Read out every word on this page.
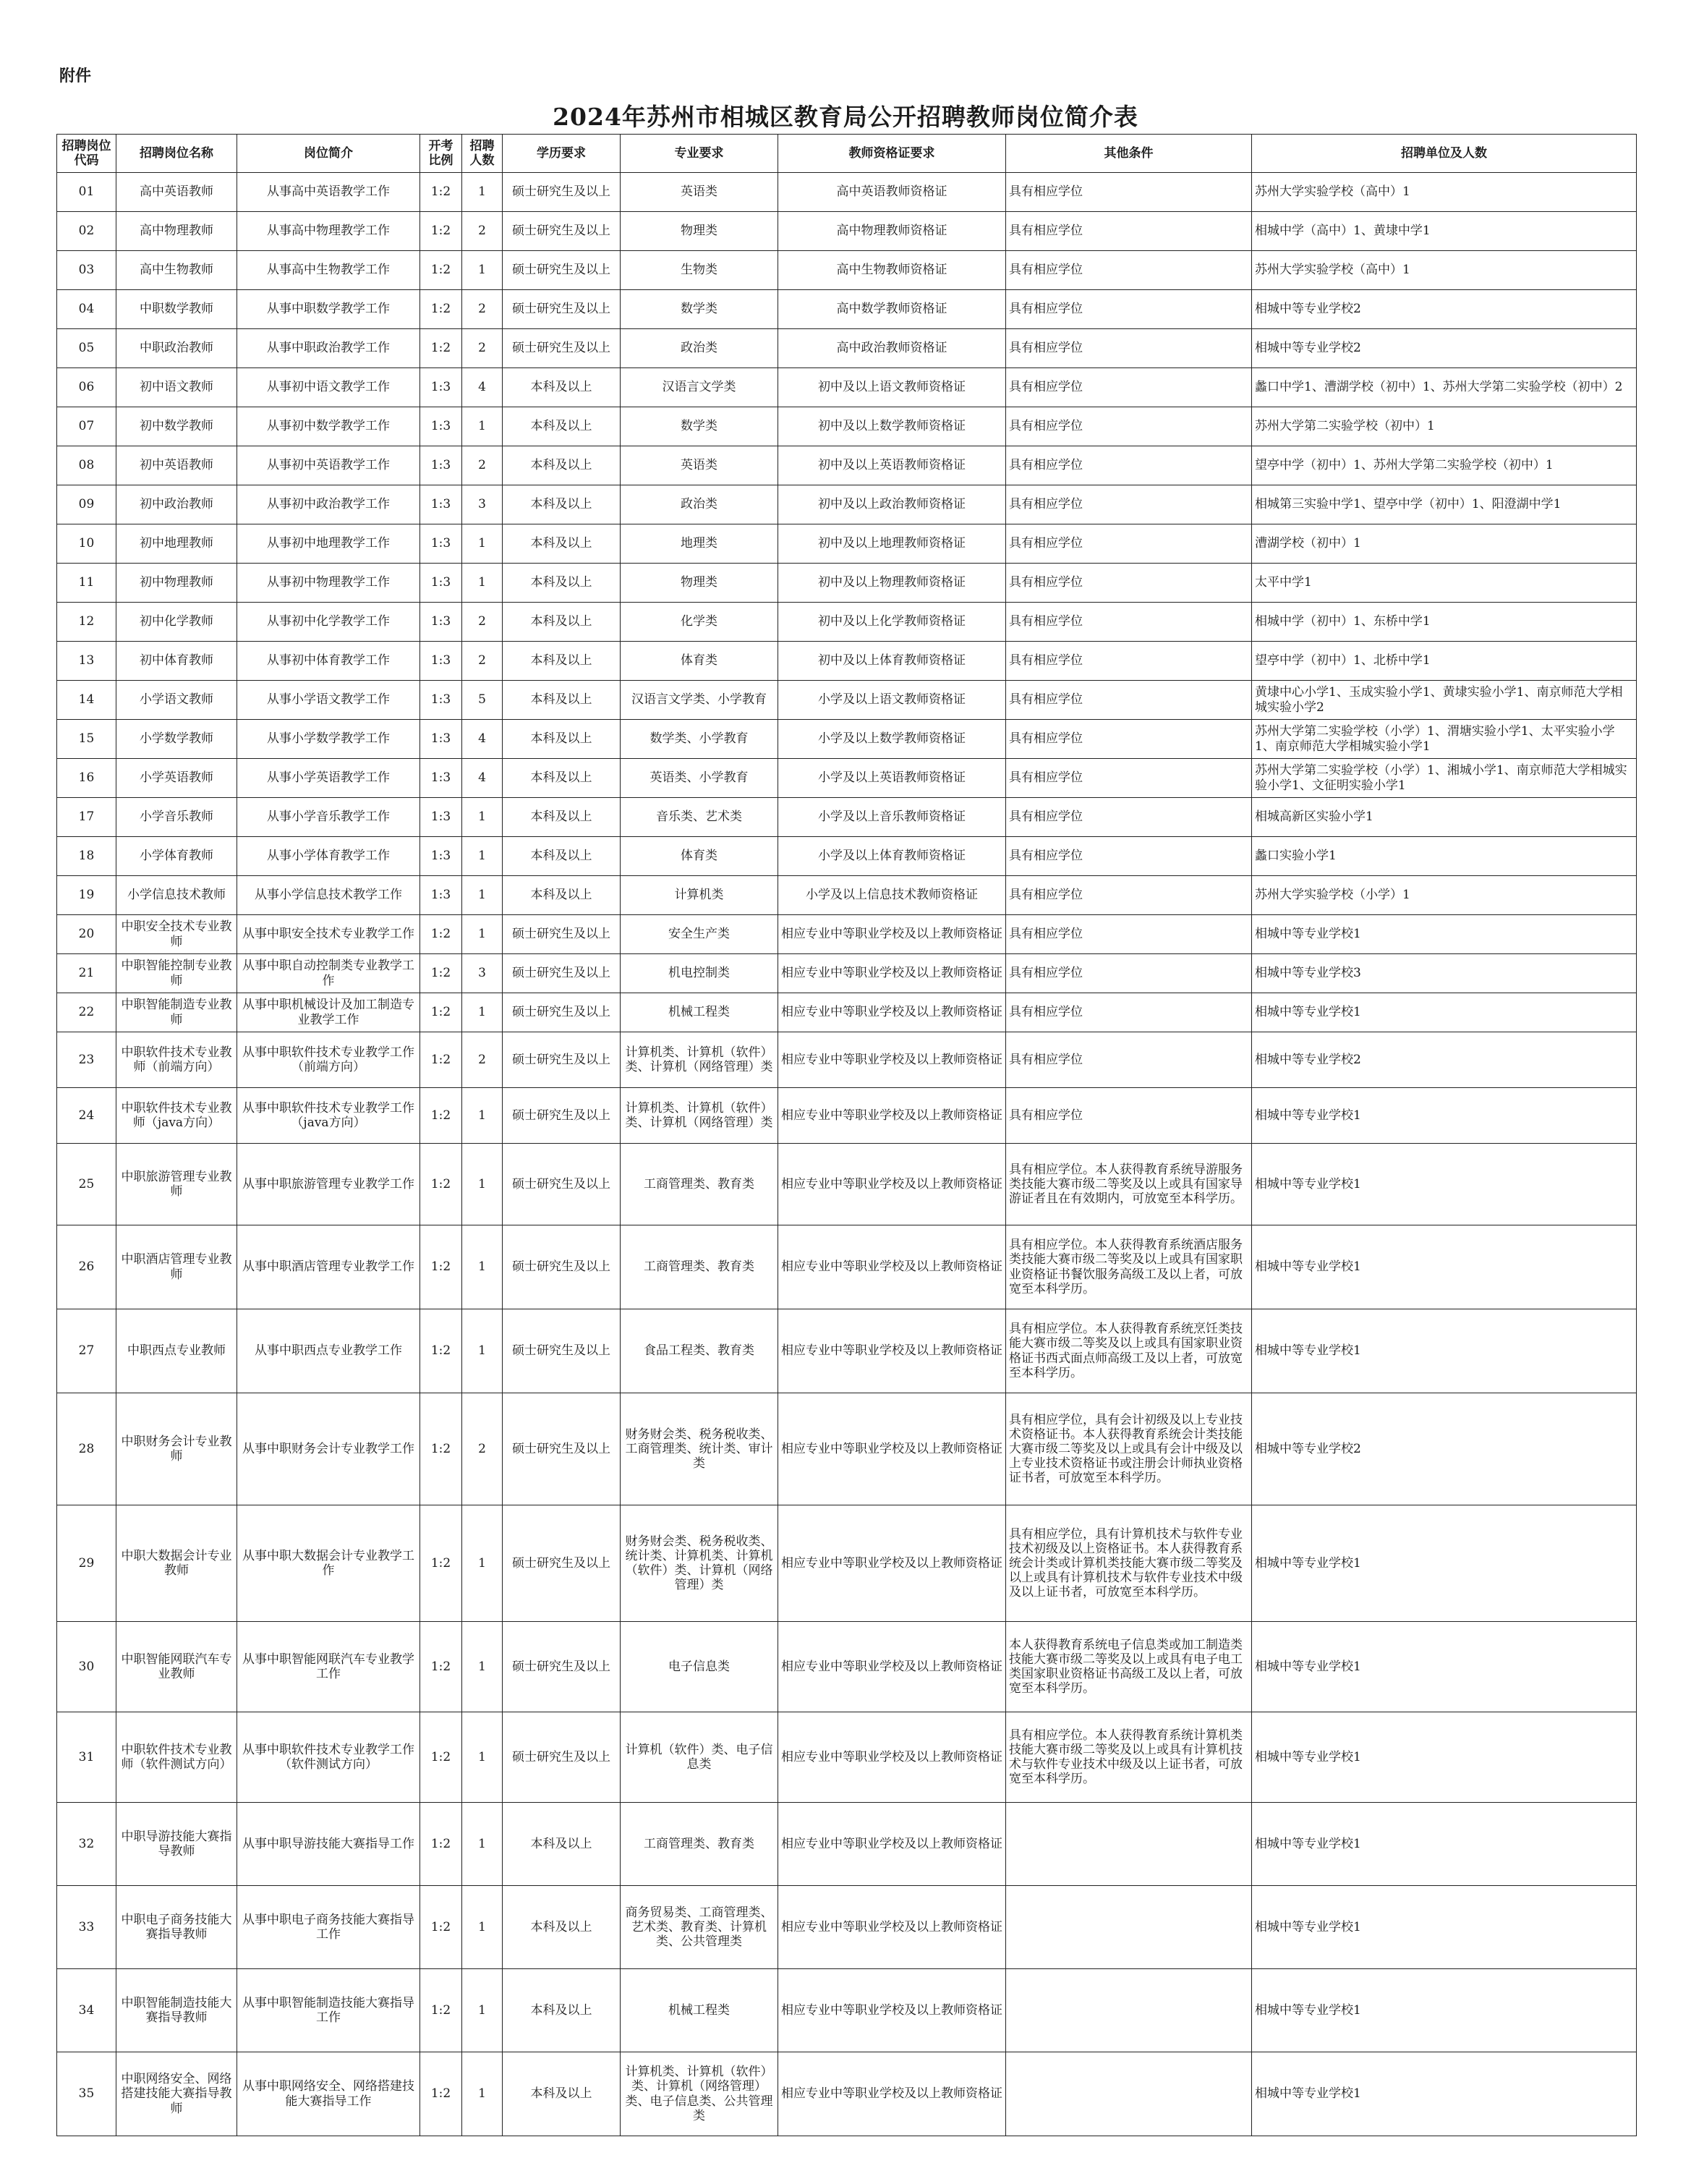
附件
2024年苏州市相城区教育局公开招聘教师岗位简介表
招聘岗位代码	招聘岗位名称	岗位简介	开考比例	招聘人数	学历要求	专业要求	教师资格证要求	其他条件	招聘单位及人数
01	高中英语教师	从事高中英语教学工作	1:2	1	硕士研究生及以上	英语类	高中英语教师资格证	具有相应学位	苏州大学实验学校（高中）1
02	高中物理教师	从事高中物理教学工作	1:2	2	硕士研究生及以上	物理类	高中物理教师资格证	具有相应学位	相城中学（高中）1、黄埭中学1
03	高中生物教师	从事高中生物教学工作	1:2	1	硕士研究生及以上	生物类	高中生物教师资格证	具有相应学位	苏州大学实验学校（高中）1
04	中职数学教师	从事中职数学教学工作	1:2	2	硕士研究生及以上	数学类	高中数学教师资格证	具有相应学位	相城中等专业学校2
05	中职政治教师	从事中职政治教学工作	1:2	2	硕士研究生及以上	政治类	高中政治教师资格证	具有相应学位	相城中等专业学校2
06	初中语文教师	从事初中语文教学工作	1:3	4	本科及以上	汉语言文学类	初中及以上语文教师资格证	具有相应学位	蠡口中学1、漕湖学校（初中）1、苏州大学第二实验学校（初中）2
07	初中数学教师	从事初中数学教学工作	1:3	1	本科及以上	数学类	初中及以上数学教师资格证	具有相应学位	苏州大学第二实验学校（初中）1
08	初中英语教师	从事初中英语教学工作	1:3	2	本科及以上	英语类	初中及以上英语教师资格证	具有相应学位	望亭中学（初中）1、苏州大学第二实验学校（初中）1
09	初中政治教师	从事初中政治教学工作	1:3	3	本科及以上	政治类	初中及以上政治教师资格证	具有相应学位	相城第三实验中学1、望亭中学（初中）1、阳澄湖中学1
10	初中地理教师	从事初中地理教学工作	1:3	1	本科及以上	地理类	初中及以上地理教师资格证	具有相应学位	漕湖学校（初中）1
11	初中物理教师	从事初中物理教学工作	1:3	1	本科及以上	物理类	初中及以上物理教师资格证	具有相应学位	太平中学1
12	初中化学教师	从事初中化学教学工作	1:3	2	本科及以上	化学类	初中及以上化学教师资格证	具有相应学位	相城中学（初中）1、东桥中学1
13	初中体育教师	从事初中体育教学工作	1:3	2	本科及以上	体育类	初中及以上体育教师资格证	具有相应学位	望亭中学（初中）1、北桥中学1
14	小学语文教师	从事小学语文教学工作	1:3	5	本科及以上	汉语言文学类、小学教育	小学及以上语文教师资格证	具有相应学位	黄埭中心小学1、玉成实验小学1、黄埭实验小学1、南京师范大学相城实验小学2
15	小学数学教师	从事小学数学教学工作	1:3	4	本科及以上	数学类、小学教育	小学及以上数学教师资格证	具有相应学位	苏州大学第二实验学校（小学）1、渭塘实验小学1、太平实验小学1、南京师范大学相城实验小学1
16	小学英语教师	从事小学英语教学工作	1:3	4	本科及以上	英语类、小学教育	小学及以上英语教师资格证	具有相应学位	苏州大学第二实验学校（小学）1、湘城小学1、南京师范大学相城实验小学1、文征明实验小学1
17	小学音乐教师	从事小学音乐教学工作	1:3	1	本科及以上	音乐类、艺术类	小学及以上音乐教师资格证	具有相应学位	相城高新区实验小学1
18	小学体育教师	从事小学体育教学工作	1:3	1	本科及以上	体育类	小学及以上体育教师资格证	具有相应学位	蠡口实验小学1
19	小学信息技术教师	从事小学信息技术教学工作	1:3	1	本科及以上	计算机类	小学及以上信息技术教师资格证	具有相应学位	苏州大学实验学校（小学）1
20	中职安全技术专业教师	从事中职安全技术专业教学工作	1:2	1	硕士研究生及以上	安全生产类	相应专业中等职业学校及以上教师资格证	具有相应学位	相城中等专业学校1
21	中职智能控制专业教师	从事中职自动控制类专业教学工作	1:2	3	硕士研究生及以上	机电控制类	相应专业中等职业学校及以上教师资格证	具有相应学位	相城中等专业学校3
22	中职智能制造专业教师	从事中职机械设计及加工制造专业教学工作	1:2	1	硕士研究生及以上	机械工程类	相应专业中等职业学校及以上教师资格证	具有相应学位	相城中等专业学校1
23	中职软件技术专业教师（前端方向）	从事中职软件技术专业教学工作（前端方向）	1:2	2	硕士研究生及以上	计算机类、计算机（软件）类、计算机（网络管理）类	相应专业中等职业学校及以上教师资格证	具有相应学位	相城中等专业学校2
24	中职软件技术专业教师（java方向）	从事中职软件技术专业教学工作（java方向）	1:2	1	硕士研究生及以上	计算机类、计算机（软件）类、计算机（网络管理）类	相应专业中等职业学校及以上教师资格证	具有相应学位	相城中等专业学校1
25	中职旅游管理专业教师	从事中职旅游管理专业教学工作	1:2	1	硕士研究生及以上	工商管理类、教育类	相应专业中等职业学校及以上教师资格证	具有相应学位。本人获得教育系统导游服务类技能大赛市级二等奖及以上或具有国家导游证者且在有效期内，可放宽至本科学历。	相城中等专业学校1
26	中职酒店管理专业教师	从事中职酒店管理专业教学工作	1:2	1	硕士研究生及以上	工商管理类、教育类	相应专业中等职业学校及以上教师资格证	具有相应学位。本人获得教育系统酒店服务类技能大赛市级二等奖及以上或具有国家职业资格证书餐饮服务高级工及以上者，可放宽至本科学历。	相城中等专业学校1
27	中职西点专业教师	从事中职西点专业教学工作	1:2	1	硕士研究生及以上	食品工程类、教育类	相应专业中等职业学校及以上教师资格证	具有相应学位。本人获得教育系统烹饪类技能大赛市级二等奖及以上或具有国家职业资格证书西式面点师高级工及以上者，可放宽至本科学历。	相城中等专业学校1
28	中职财务会计专业教师	从事中职财务会计专业教学工作	1:2	2	硕士研究生及以上	财务财会类、税务税收类、工商管理类、统计类、审计类	相应专业中等职业学校及以上教师资格证	具有相应学位，具有会计初级及以上专业技术资格证书。本人获得教育系统会计类技能大赛市级二等奖及以上或具有会计中级及以上专业技术资格证书或注册会计师执业资格证书者，可放宽至本科学历。	相城中等专业学校2
29	中职大数据会计专业教师	从事中职大数据会计专业教学工作	1:2	1	硕士研究生及以上	财务财会类、税务税收类、统计类、计算机类、计算机（软件）类、计算机（网络管理）类	相应专业中等职业学校及以上教师资格证	具有相应学位，具有计算机技术与软件专业技术初级及以上资格证书。本人获得教育系统会计类或计算机类技能大赛市级二等奖及以上或具有计算机技术与软件专业技术中级及以上证书者，可放宽至本科学历。	相城中等专业学校1
30	中职智能网联汽车专业教师	从事中职智能网联汽车专业教学工作	1:2	1	硕士研究生及以上	电子信息类	相应专业中等职业学校及以上教师资格证	本人获得教育系统电子信息类或加工制造类技能大赛市级二等奖及以上或具有电子电工类国家职业资格证书高级工及以上者，可放宽至本科学历。	相城中等专业学校1
31	中职软件技术专业教师（软件测试方向）	从事中职软件技术专业教学工作（软件测试方向）	1:2	1	硕士研究生及以上	计算机（软件）类、电子信息类	相应专业中等职业学校及以上教师资格证	具有相应学位。本人获得教育系统计算机类技能大赛市级二等奖及以上或具有计算机技术与软件专业技术中级及以上证书者，可放宽至本科学历。	相城中等专业学校1
32	中职导游技能大赛指导教师	从事中职导游技能大赛指导工作	1:2	1	本科及以上	工商管理类、教育类	相应专业中等职业学校及以上教师资格证		相城中等专业学校1
33	中职电子商务技能大赛指导教师	从事中职电子商务技能大赛指导工作	1:2	1	本科及以上	商务贸易类、工商管理类、艺术类、教育类、计算机类、公共管理类	相应专业中等职业学校及以上教师资格证		相城中等专业学校1
34	中职智能制造技能大赛指导教师	从事中职智能制造技能大赛指导工作	1:2	1	本科及以上	机械工程类	相应专业中等职业学校及以上教师资格证		相城中等专业学校1
35	中职网络安全、网络搭建技能大赛指导教师	从事中职网络安全、网络搭建技能大赛指导工作	1:2	1	本科及以上	计算机类、计算机（软件）类、计算机（网络管理）类、电子信息类、公共管理类	相应专业中等职业学校及以上教师资格证		相城中等专业学校1
